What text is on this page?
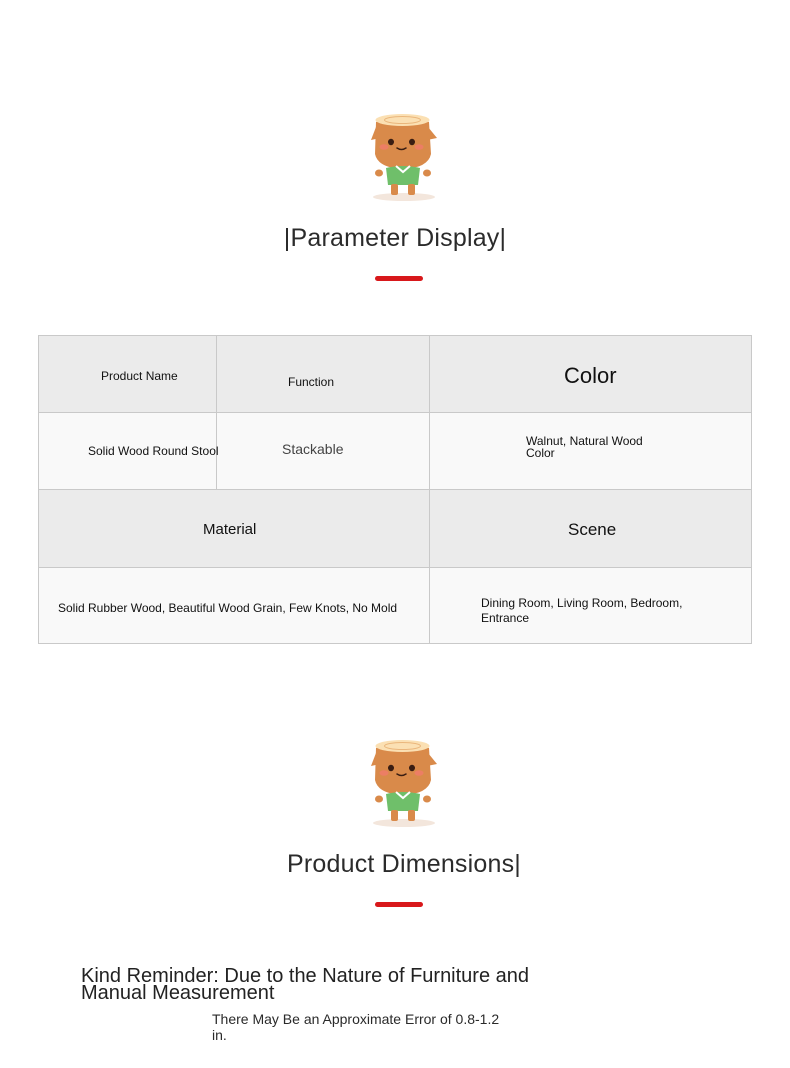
|Parameter Display|
Product Name	Function	Color
Solid Wood Round Stool	Stackable	Walnut, Natural Wood Color
Material	Scene
Solid Rubber Wood, Beautiful Wood Grain, Few Knots, No Mold	Dining Room, Living Room, Bedroom, Entrance
Product Dimensions|
Kind Reminder: Due to the Nature of Furniture and Manual Measurement
There May Be an Approximate Error of 0.8-1.2 in.
